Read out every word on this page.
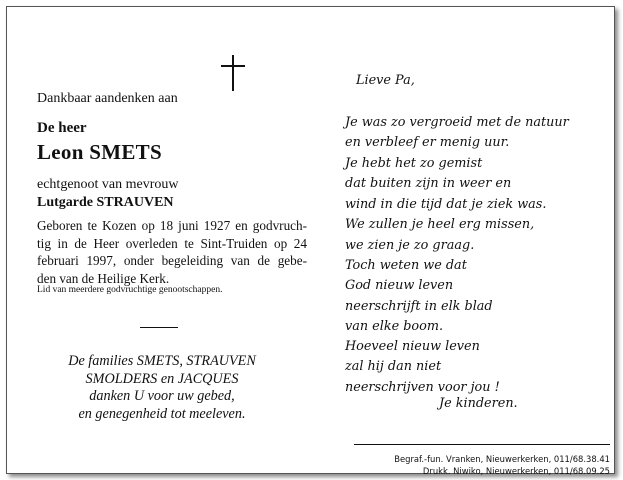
Dankbaar aandenken aan
De heer
Leon SMETS
echtgenoot van mevrouw
Lutgarde STRAUVEN
Lid van meerdere godvruchtige genootschappen.

Geboren te Kozen op 18 juni 1927 en godvruch-
tig in de Heer overleden te Sint-Truiden op 24
februari 1997, onder begeleiding van de gebe-
den van de Heilige Kerk.

De families SMETS, STRAUVEN
SMOLDERS en JACQUES
danken U voor uw gebed,
en genegenheid tot meeleven.
Lieve Pa,
Je was zo vergroeid met de natuur
en verbleef er menig uur.
Je hebt het zo gemist
dat buiten zijn in weer en
wind in die tijd dat je ziek was.
We zullen je heel erg missen,
we zien je zo graag.
Toch weten we dat
God nieuw leven
neerschrijft in elk blad
van elke boom.
Hoeveel nieuw leven
zal hij dan niet
neerschrijven voor jou !
Je kinderen.
Begraf.-fun. Vranken, Nieuwerkerken, 011/68.38.41
Drukk. Niwiko, Nieuwerkerken, 011/68.09.25
